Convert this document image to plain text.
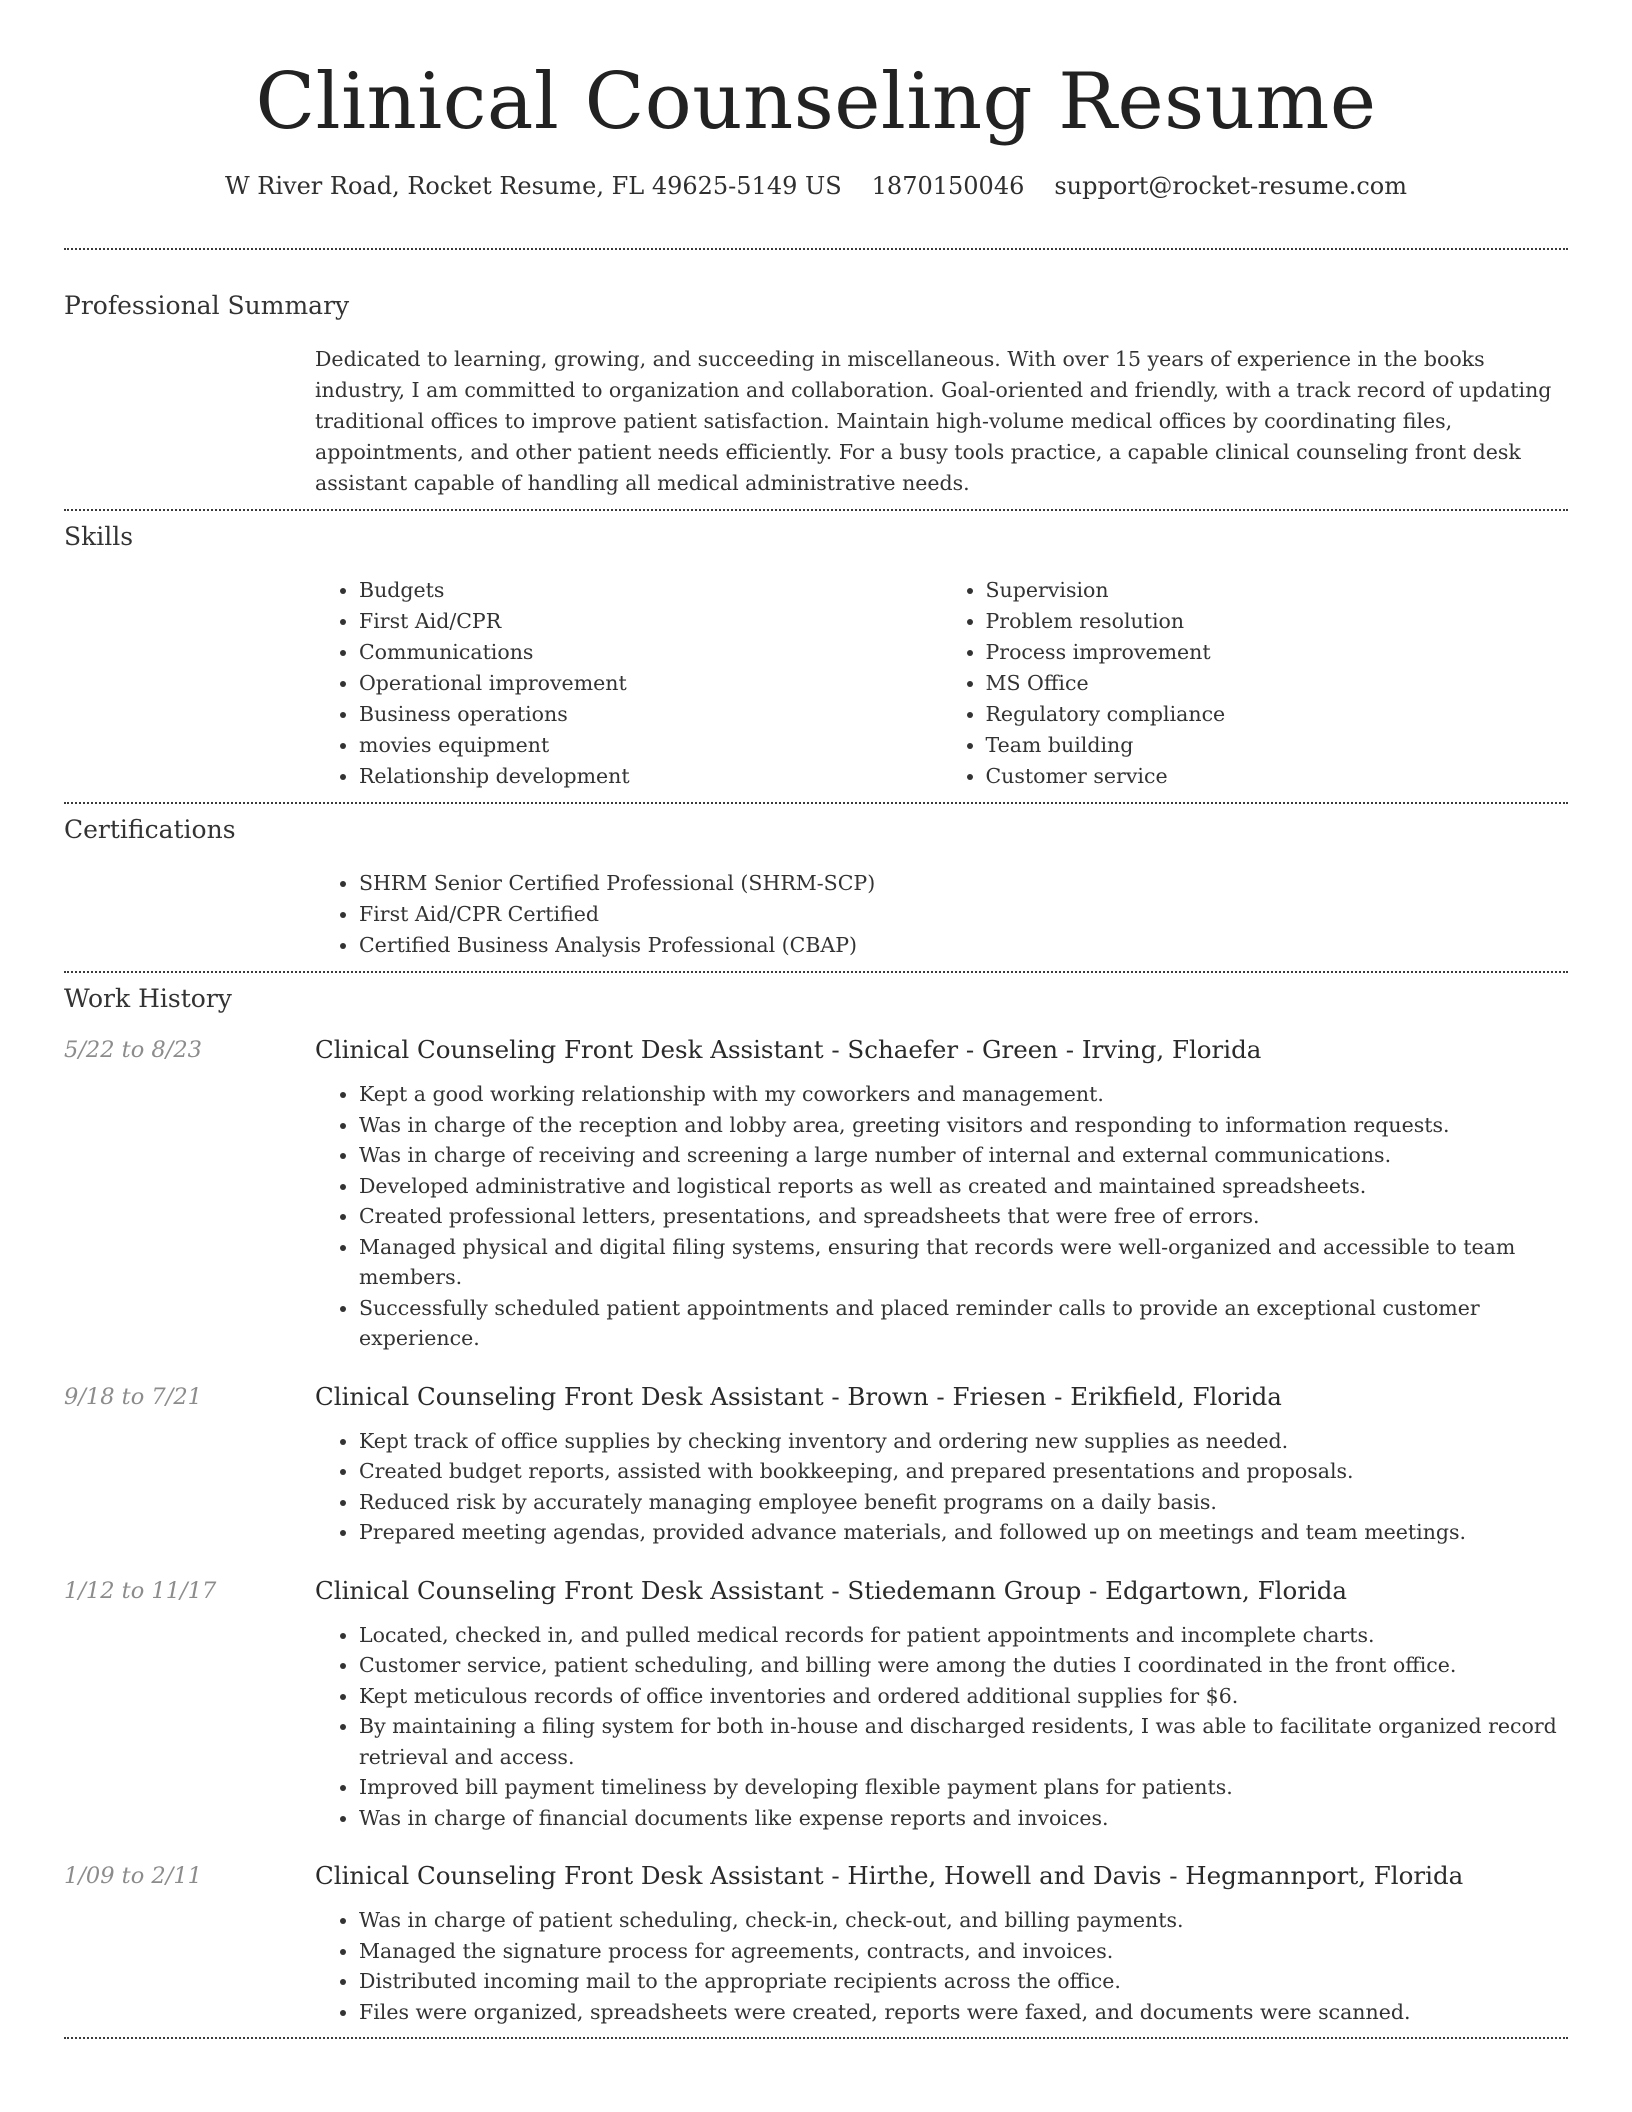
Clinical Counseling Resume
W River Road, Rocket Resume, FL 49625-5149 US 1870150046 support@rocket-resume.com
Professional Summary

Dedicated to learning, growing, and succeeding in miscellaneous. With over 15 years of experience in the books industry, I am committed to organization and collaboration. Goal-oriented and friendly, with a track record of updating traditional offices to improve patient satisfaction. Maintain high-volume medical offices by coordinating files, appointments, and other patient needs efficiently. For a busy tools practice, a capable clinical counseling front desk assistant capable of handling all medical administrative needs.

Skills
• Budgets
• First Aid/CPR
• Communications
• Operational improvement
• Business operations
• movies equipment
• Relationship development
• Supervision
• Problem resolution
• Process improvement
• MS Office
• Regulatory compliance
• Team building
• Customer service
Certifications
• SHRM Senior Certified Professional (SHRM-SCP)
• First Aid/CPR Certified
• Certified Business Analysis Professional (CBAP)
Work History
5/22 to 8/23	Clinical Counseling Front Desk Assistant - Schaefer - Green - Irving, Florida
• Kept a good working relationship with my coworkers and management.
• Was in charge of the reception and lobby area, greeting visitors and responding to information requests.
• Was in charge of receiving and screening a large number of internal and external communications.
• Developed administrative and logistical reports as well as created and maintained spreadsheets.
• Created professional letters, presentations, and spreadsheets that were free of errors.
• Managed physical and digital filing systems, ensuring that records were well-organized and accessible to team members.
• Successfully scheduled patient appointments and placed reminder calls to provide an exceptional customer experience.
9/18 to 7/21	Clinical Counseling Front Desk Assistant - Brown - Friesen - Erikfield, Florida
• Kept track of office supplies by checking inventory and ordering new supplies as needed.
• Created budget reports, assisted with bookkeeping, and prepared presentations and proposals.
• Reduced risk by accurately managing employee benefit programs on a daily basis.
• Prepared meeting agendas, provided advance materials, and followed up on meetings and team meetings.
1/12 to 11/17	Clinical Counseling Front Desk Assistant - Stiedemann Group - Edgartown, Florida
• Located, checked in, and pulled medical records for patient appointments and incomplete charts.
• Customer service, patient scheduling, and billing were among the duties I coordinated in the front office.
• Kept meticulous records of office inventories and ordered additional supplies for $6.
• By maintaining a filing system for both in-house and discharged residents, I was able to facilitate organized record retrieval and access.
• Improved bill payment timeliness by developing flexible payment plans for patients.
• Was in charge of financial documents like expense reports and invoices.
1/09 to 2/11	Clinical Counseling Front Desk Assistant - Hirthe, Howell and Davis - Hegmannport, Florida
• Was in charge of patient scheduling, check-in, check-out, and billing payments.
• Managed the signature process for agreements, contracts, and invoices.
• Distributed incoming mail to the appropriate recipients across the office.
• Files were organized, spreadsheets were created, reports were faxed, and documents were scanned.
